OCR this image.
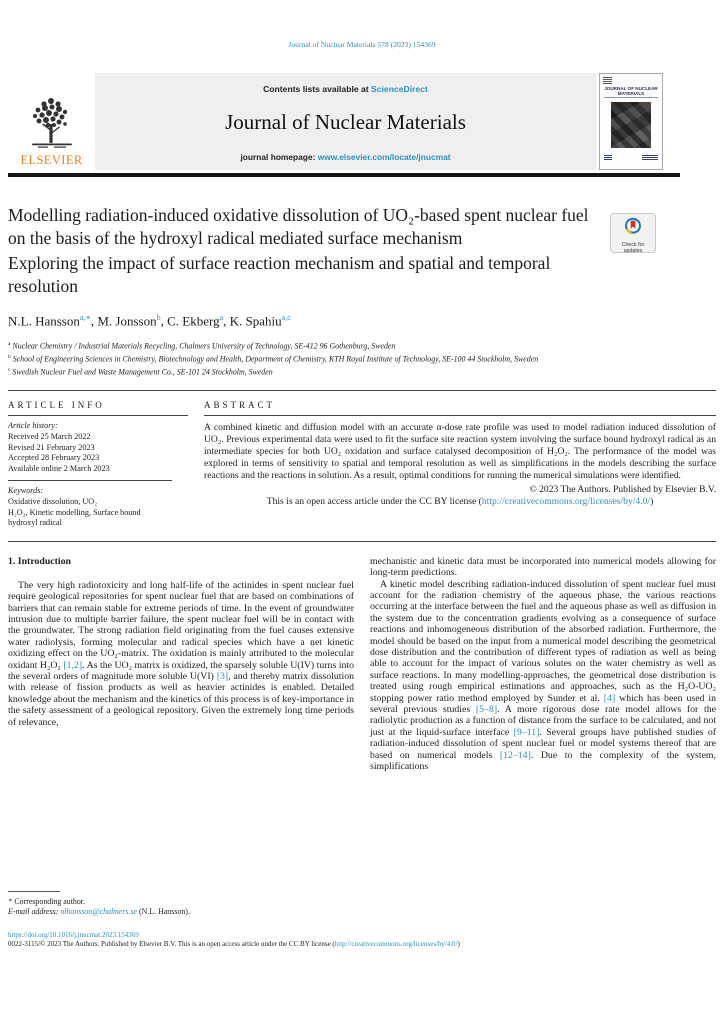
Journal of Nuclear Materials 578 (2023) 154369
ELSEVIER
Contents lists available at ScienceDirect
Journal of Nuclear Materials
journal homepage: www.elsevier.com/locate/jnucmat
JOURNAL OF NUCLEAR MATERIALS
Modelling radiation-induced oxidative dissolution of UO₂-based spent nuclear fuel on the basis of the hydroxyl radical mediated surface mechanism
Exploring the impact of surface reaction mechanism and spatial and temporal resolution
Check for
updates
N.L. Hansson$^{a,∗}$, M. Jonsson$^b$, C. Ekberg$^a$, K. Spahiu$^{a,c}$
$^a$ Nuclear Chemistry / Industrial Materials Recycling, Chalmers University of Technology, SE-412 96 Gothenburg, Sweden
$^b$ School of Engineering Sciences in Chemistry, Biotechnology and Health, Department of Chemistry, KTH Royal Institute of Technology, SE-100 44 Stockholm, Sweden
$^c$ Swedish Nuclear Fuel and Waste Management Co., SE-101 24 Stockholm, Sweden
ARTICLE INFO
Article history:
Received 25 March 2022
Revised 21 February 2023
Accepted 28 February 2023
Available online 2 March 2023
Keywords:
Oxidative dissolution, UO₂
H₂O₂, Kinetic modelling, Surface bound
hydroxyl radical
ABSTRACT
A combined kinetic and diffusion model with an accurate α-dose rate profile was used to model radiation induced dissolution of UO₂. Previous experimental data were used to fit the surface site reaction system involving the surface bound hydroxyl radical as an intermediate species for both UO₂ oxidation and surface catalysed decomposition of H₂O₂. The performance of the model was explored in terms of sensitivity to spatial and temporal resolution as well as simplifications in the models describing the surface reactions and the reactions in solution. As a result, optimal conditions for running the numerical simulations were identified.
© 2023 The Authors. Published by Elsevier B.V.
This is an open access article under the CC BY license (http://creativecommons.org/licenses/by/4.0/)
1. Introduction

The very high radiotoxicity and long half-life of the actinides in spent nuclear fuel require geological repositories for spent nuclear fuel that are based on combinations of barriers that can remain stable for extreme periods of time. In the event of groundwater intrusion due to multiple barrier failure, the spent nuclear fuel will be in contact with the groundwater. The strong radiation field originating from the fuel causes extensive water radiolysis, forming molecular and radical species which have a net kinetic oxidizing effect on the UO₂-matrix. The oxidation is mainly attributed to the molecular oxidant H₂O₂ [1,2]. As the UO₂ matrix is oxidized, the sparsely soluble U(IV) turns into the several orders of magnitude more soluble U(VI) [3], and thereby matrix dissolution with release of fission products as well as heavier actinides is enabled. Detailed knowledge about the mechanism and the kinetics of this process is of key-importance in the safety assessment of a geological repository. Given the extremely long time periods of relevance,

mechanistic and kinetic data must be incorporated into numerical models allowing for long-term predictions.

A kinetic model describing radiation-induced dissolution of spent nuclear fuel must account for the radiation chemistry of the aqueous phase, the various reactions occurring at the interface between the fuel and the aqueous phase as well as diffusion in the system due to the concentration gradients evolving as a consequence of surface reactions and inhomogeneous distribution of the absorbed radiation. Furthermore, the model should be based on the input from a numerical model describing the geometrical dose distribution and the contribution of different types of radiation as well as being able to account for the impact of various solutes on the water chemistry as well as surface reactions. In many modelling-approaches, the geometrical dose distribution is treated using rough empirical estimations and approaches, such as the H₂O-UO₂ stopping power ratio method employed by Sunder et al. [4] which has been used in several previous studies [5–8]. A more rigorous dose rate model allows for the radiolytic production as a function of distance from the surface to be calculated, and not just at the liquid-surface interface [9–11]. Several groups have published studies of radiation-induced dissolution of spent nuclear fuel or model systems thereof that are based on numerical models [12–14]. Due to the complexity of the system, simplifications

∗ Corresponding author.
E-mail address: nlhansson@chalmers.se (N.L. Hansson).
https://doi.org/10.1016/j.jnucmat.2023.154369
0022-3115/© 2023 The Authors. Published by Elsevier B.V. This is an open access article under the CC BY license (http://creativecommons.org/licenses/by/4.0/)
